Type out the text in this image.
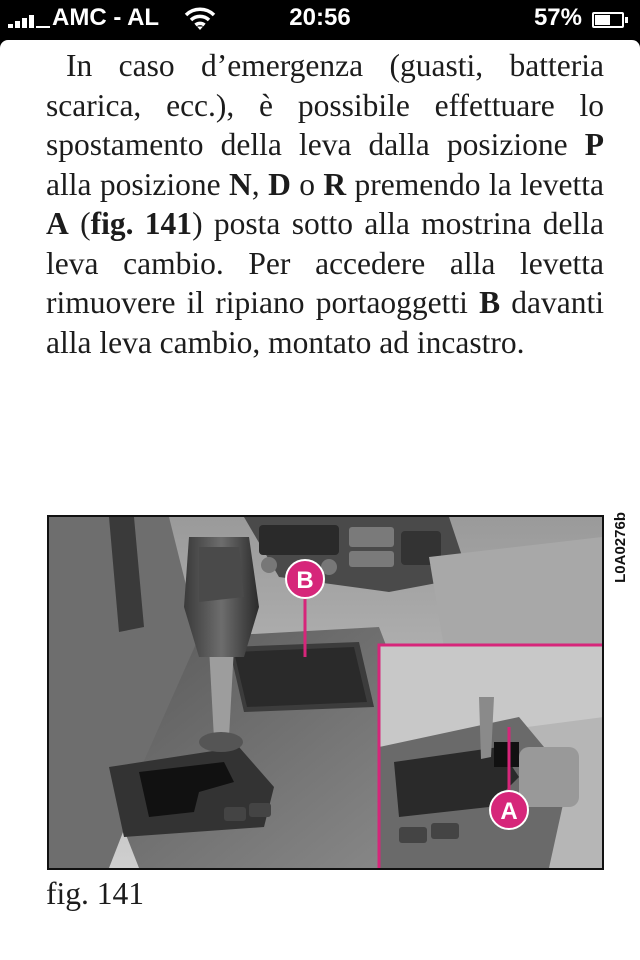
AMC - AL	20:56	57%

In caso d’emergenza (guasti, batteria scarica, ecc.), è possibile effettuare lo spostamento della leva dalla posizione P alla posizione N, D o R premendo la levetta A (fig. 141) posta sotto alla mostrina della leva cambio. Per accedere alla levetta rimuovere il ripiano portaoggetti B davanti alla leva cambio, montato ad incastro.

B
A
L0A0276b
fig. 141
